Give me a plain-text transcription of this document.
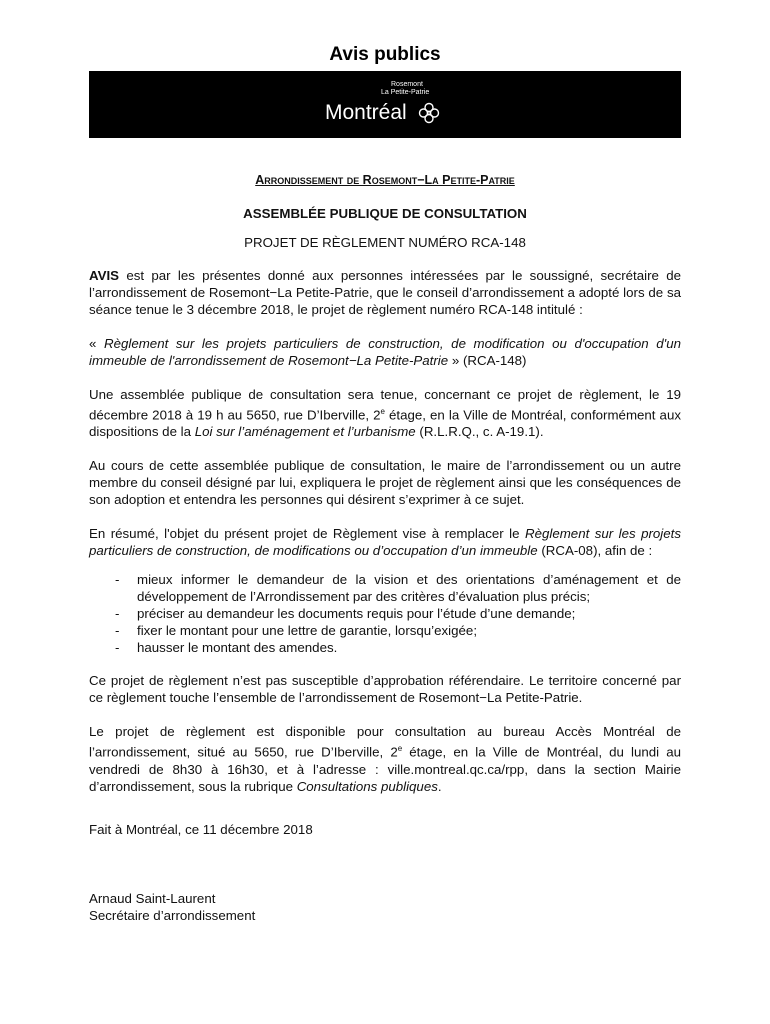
Avis publics
Rosemont
La Petite-Patrie
Montréal
Arrondissement de Rosemont−La Petite-Patrie
ASSEMBLÉE PUBLIQUE DE CONSULTATION
PROJET DE RÈGLEMENT NUMÉRO RCA-148

AVIS est par les présentes donné aux personnes intéressées par le soussigné, secrétaire de l’arrondissement de Rosemont−La Petite-Patrie, que le conseil d’arrondissement a adopté lors de sa séance tenue le 3 décembre 2018, le projet de règlement numéro RCA-148 intitulé :

« Règlement sur les projets particuliers de construction, de modification ou d'occupation d'un immeuble de l'arrondissement de Rosemont−La Petite-Patrie » (RCA-148)

Une assemblée publique de consultation sera tenue, concernant ce projet de règlement, le 19 décembre 2018 à 19 h au 5650, rue D’Iberville, 2e étage, en la Ville de Montréal, conformément aux dispositions de la Loi sur l’aménagement et l’urbanisme (R.L.R.Q., c. A-19.1).

Au cours de cette assemblée publique de consultation, le maire de l’arrondissement ou un autre membre du conseil désigné par lui, expliquera le projet de règlement ainsi que les conséquences de son adoption et entendra les personnes qui désirent s’exprimer à ce sujet.

En résumé, l'objet du présent projet de Règlement vise à remplacer le Règlement sur les projets particuliers de construction, de modifications ou d’occupation d’un immeuble (RCA-08), afin de :

- mieux informer le demandeur de la vision et des orientations d’aménagement et de développement de l’Arrondissement par des critères d’évaluation plus précis;
- préciser au demandeur les documents requis pour l’étude d’une demande;
- fixer le montant pour une lettre de garantie, lorsqu’exigée;
- hausser le montant des amendes.

Ce projet de règlement n’est pas susceptible d’approbation référendaire. Le territoire concerné par ce règlement touche l’ensemble de l’arrondissement de Rosemont−La Petite-Patrie.

Le projet de règlement est disponible pour consultation au bureau Accès Montréal de l’arrondissement, situé au 5650, rue D’Iberville, 2e étage, en la Ville de Montréal, du lundi au vendredi de 8h30 à 16h30, et à l’adresse : ville.montreal.qc.ca/rpp, dans la section Mairie d’arrondissement, sous la rubrique Consultations publiques.

Fait à Montréal, ce 11 décembre 2018
Arnaud Saint-Laurent
Secrétaire d’arrondissement
